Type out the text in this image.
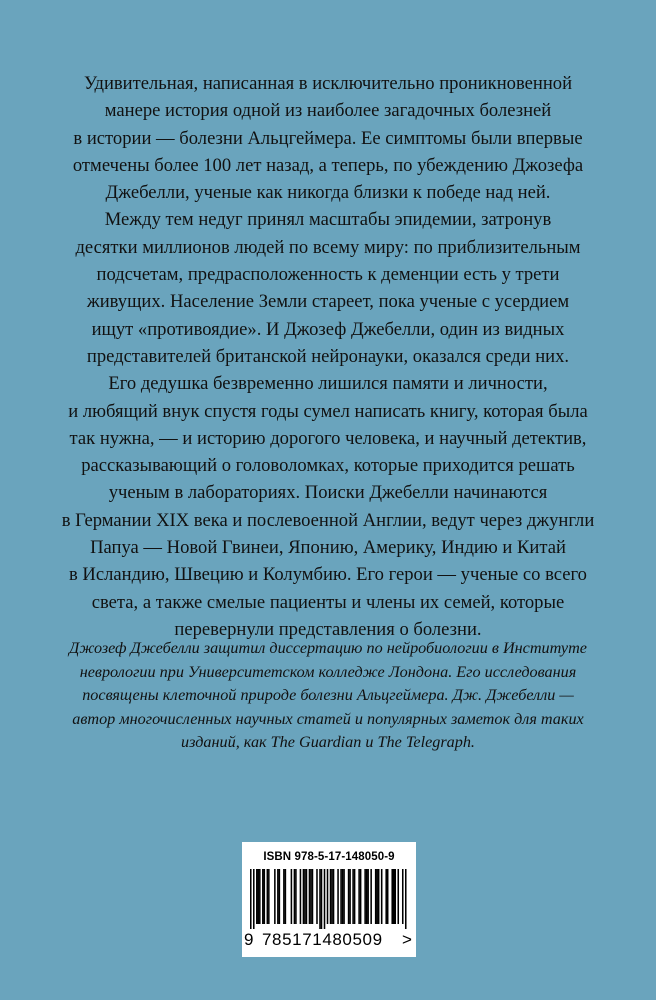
Удивительная, написанная в исключительно проникновенной
манере история одной из наиболее загадочных болезней
в истории — болезни Альцгеймера. Ее симптомы были впервые
отмечены более 100 лет назад, а теперь, по убеждению Джозефа
Джебелли, ученые как никогда близки к победе над ней.
Между тем недуг принял масштабы эпидемии, затронув
десятки миллионов людей по всему миру: по приблизительным
подсчетам, предрасположенность к деменции есть у трети
живущих. Население Земли стареет, пока ученые с усердием
ищут «противоядие». И Джозеф Джебелли, один из видных
представителей британской нейронауки, оказался среди них.
Его дедушка безвременно лишился памяти и личности,
и любящий внук спустя годы сумел написать книгу, которая была
так нужна, — и историю дорогого человека, и научный детектив,
рассказывающий о головоломках, которые приходится решать
ученым в лабораториях. Поиски Джебелли начинаются
в Германии XIX века и послевоенной Англии, ведут через джунгли
Папуа — Новой Гвинеи, Японию, Америку, Индию и Китай
в Исландию, Швецию и Колумбию. Его герои — ученые со всего
света, а также смелые пациенты и члены их семей, которые
перевернули представления о болезни.
Джозеф Джебелли защитил диссертацию по нейробиологии в Институте
неврологии при Университетском колледже Лондона. Его исследования
посвящены клеточной природе болезни Альцгеймера. Дж. Джебелли —
автор многочисленных научных статей и популярных заметок для таких
изданий, как The Guardian и The Telegraph.
ISBN 978-5-17-148050-9
9 785171480509	>
